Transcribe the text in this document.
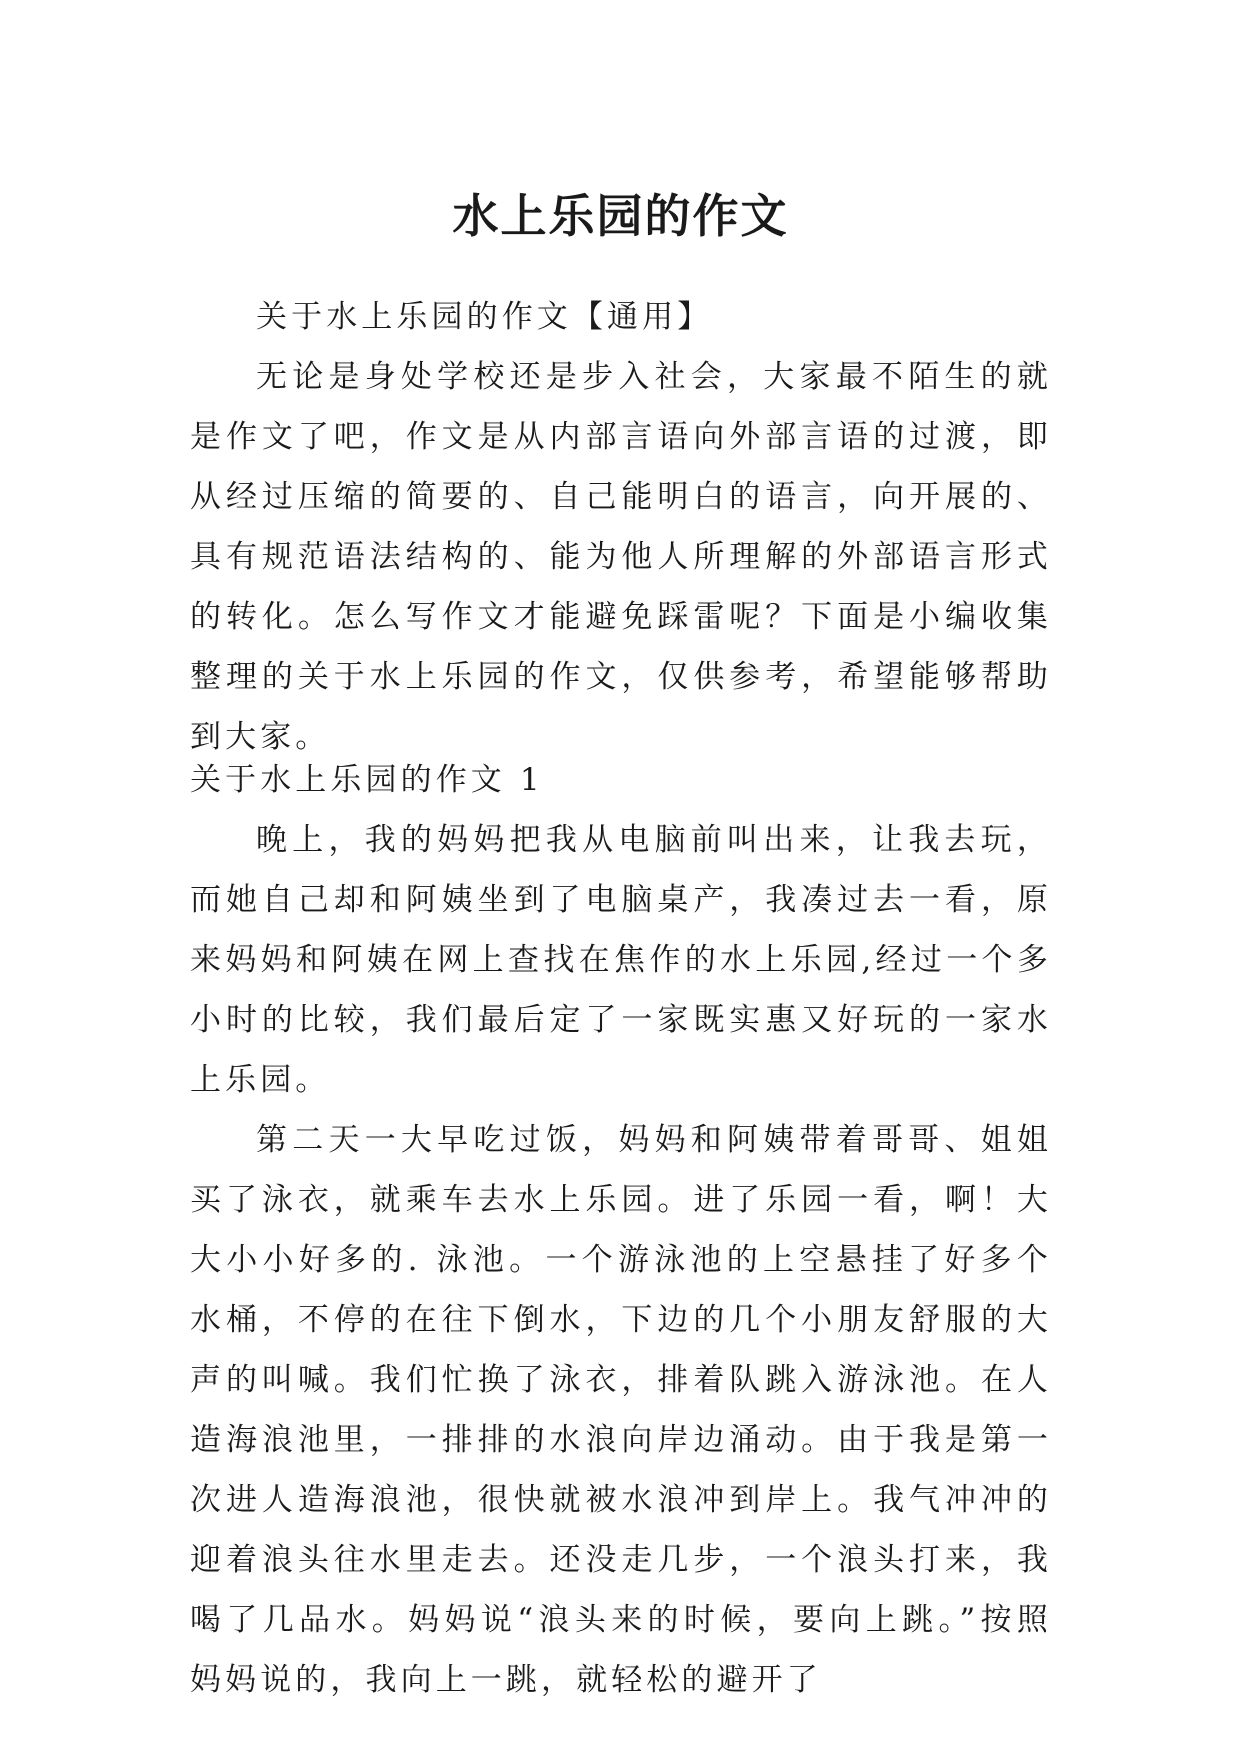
水上乐园的作文

关于水上乐园的作文【通用】

无论是身处学校还是步入社会，大家最不陌生的就是作文了吧，作文是从内部言语向外部言语的过渡，即从经过压缩的简要的、自己能明白的语言，向开展的、具有规范语法结构的、能为他人所理解的外部语言形式的转化。怎么写作文才能避免踩雷呢？下面是小编收集整理的关于水上乐园的作文，仅供参考，希望能够帮助到大家。

关于水上乐园的作文 1

晚上，我的妈妈把我从电脑前叫出来，让我去玩，而她自己却和阿姨坐到了电脑桌产，我凑过去一看，原来妈妈和阿姨在网上查找在焦作的水上乐园,经过一个多小时的比较，我们最后定了一家既实惠又好玩的一家水上乐园。

第二天一大早吃过饭，妈妈和阿姨带着哥哥、姐姐买了泳衣，就乘车去水上乐园。进了乐园一看，啊！大大小小好多的. 泳池。一个游泳池的上空悬挂了好多个水桶，不停的在往下倒水，下边的几个小朋友舒服的大声的叫喊。我们忙换了泳衣，排着队跳入游泳池。在人造海浪池里，一排排的水浪向岸边涌动。由于我是第一次进人造海浪池，很快就被水浪冲到岸上。我气冲冲的迎着浪头往水里走去。还没走几步，一个浪头打来，我喝了几品水。妈妈说“浪头来的时候，要向上跳。”按照妈妈说的，我向上一跳，就轻松的避开了
